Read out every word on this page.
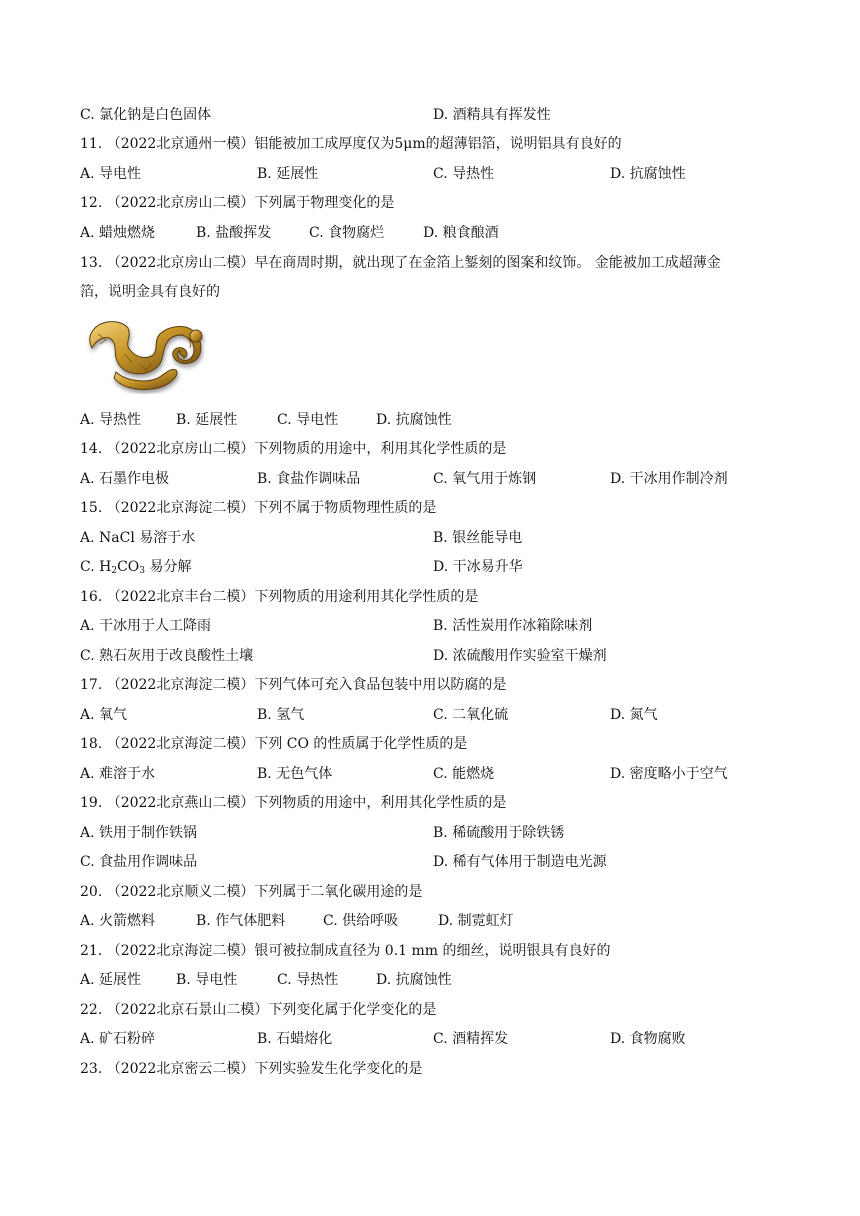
C. 氯化钠是白色固体	D. 酒精具有挥发性
11. （2022北京通州一模）铝能被加工成厚度仅为5μm的超薄铝箔，说明铝具有良好的
A. 导电性	B. 延展性	C. 导热性	D. 抗腐蚀性
12. （2022北京房山二模）下列属于物理变化的是
A. 蜡烛燃烧	B. 盐酸挥发	C. 食物腐烂	D. 粮食酿酒
13. （2022北京房山二模）早在商周时期，就出现了在金箔上錾刻的图案和纹饰。 金能被加工成超薄金
箔，说明金具有良好的
A. 导热性 B. 延展性	C. 导电性	D. 抗腐蚀性
14. （2022北京房山二模）下列物质的用途中，利用其化学性质的是
A. 石墨作电极	B. 食盐作调味品	C. 氧气用于炼钢	D. 干冰用作制冷剂
15. （2022北京海淀二模）下列不属于物质物理性质的是
A. NaCl 易溶于水	B. 银丝能导电
C. $H_2CO_3$ 易分解	D. 干冰易升华
16. （2022北京丰台二模）下列物质的用途利用其化学性质的是
A. 干冰用于人工降雨	B. 活性炭用作冰箱除味剂
C. 熟石灰用于改良酸性土壤	D. 浓硫酸用作实验室干燥剂
17. （2022北京海淀二模）下列气体可充入食品包装中用以防腐的是
A. 氧气	B. 氢气	C. 二氧化硫	D. 氮气
18. （2022北京海淀二模）下列 CO 的性质属于化学性质的是
A. 难溶于水	B. 无色气体	C. 能燃烧	D. 密度略小于空气
19. （2022北京燕山二模）下列物质的用途中，利用其化学性质的是
A. 铁用于制作铁锅	B. 稀硫酸用于除铁锈
C. 食盐用作调味品	D. 稀有气体用于制造电光源
20. （2022北京顺义二模）下列属于二氧化碳用途的是
A. 火箭燃料	B. 作气体肥料	C. 供给呼吸	D. 制霓虹灯
21. （2022北京海淀二模）银可被拉制成直径为 0.1 mm 的细丝，说明银具有良好的
A. 延展性 B. 导电性	C. 导热性	D. 抗腐蚀性
22. （2022北京石景山二模）下列变化属于化学变化的是
A. 矿石粉碎	B. 石蜡熔化	C. 酒精挥发	D. 食物腐败
23. （2022北京密云二模）下列实验发生化学变化的是
